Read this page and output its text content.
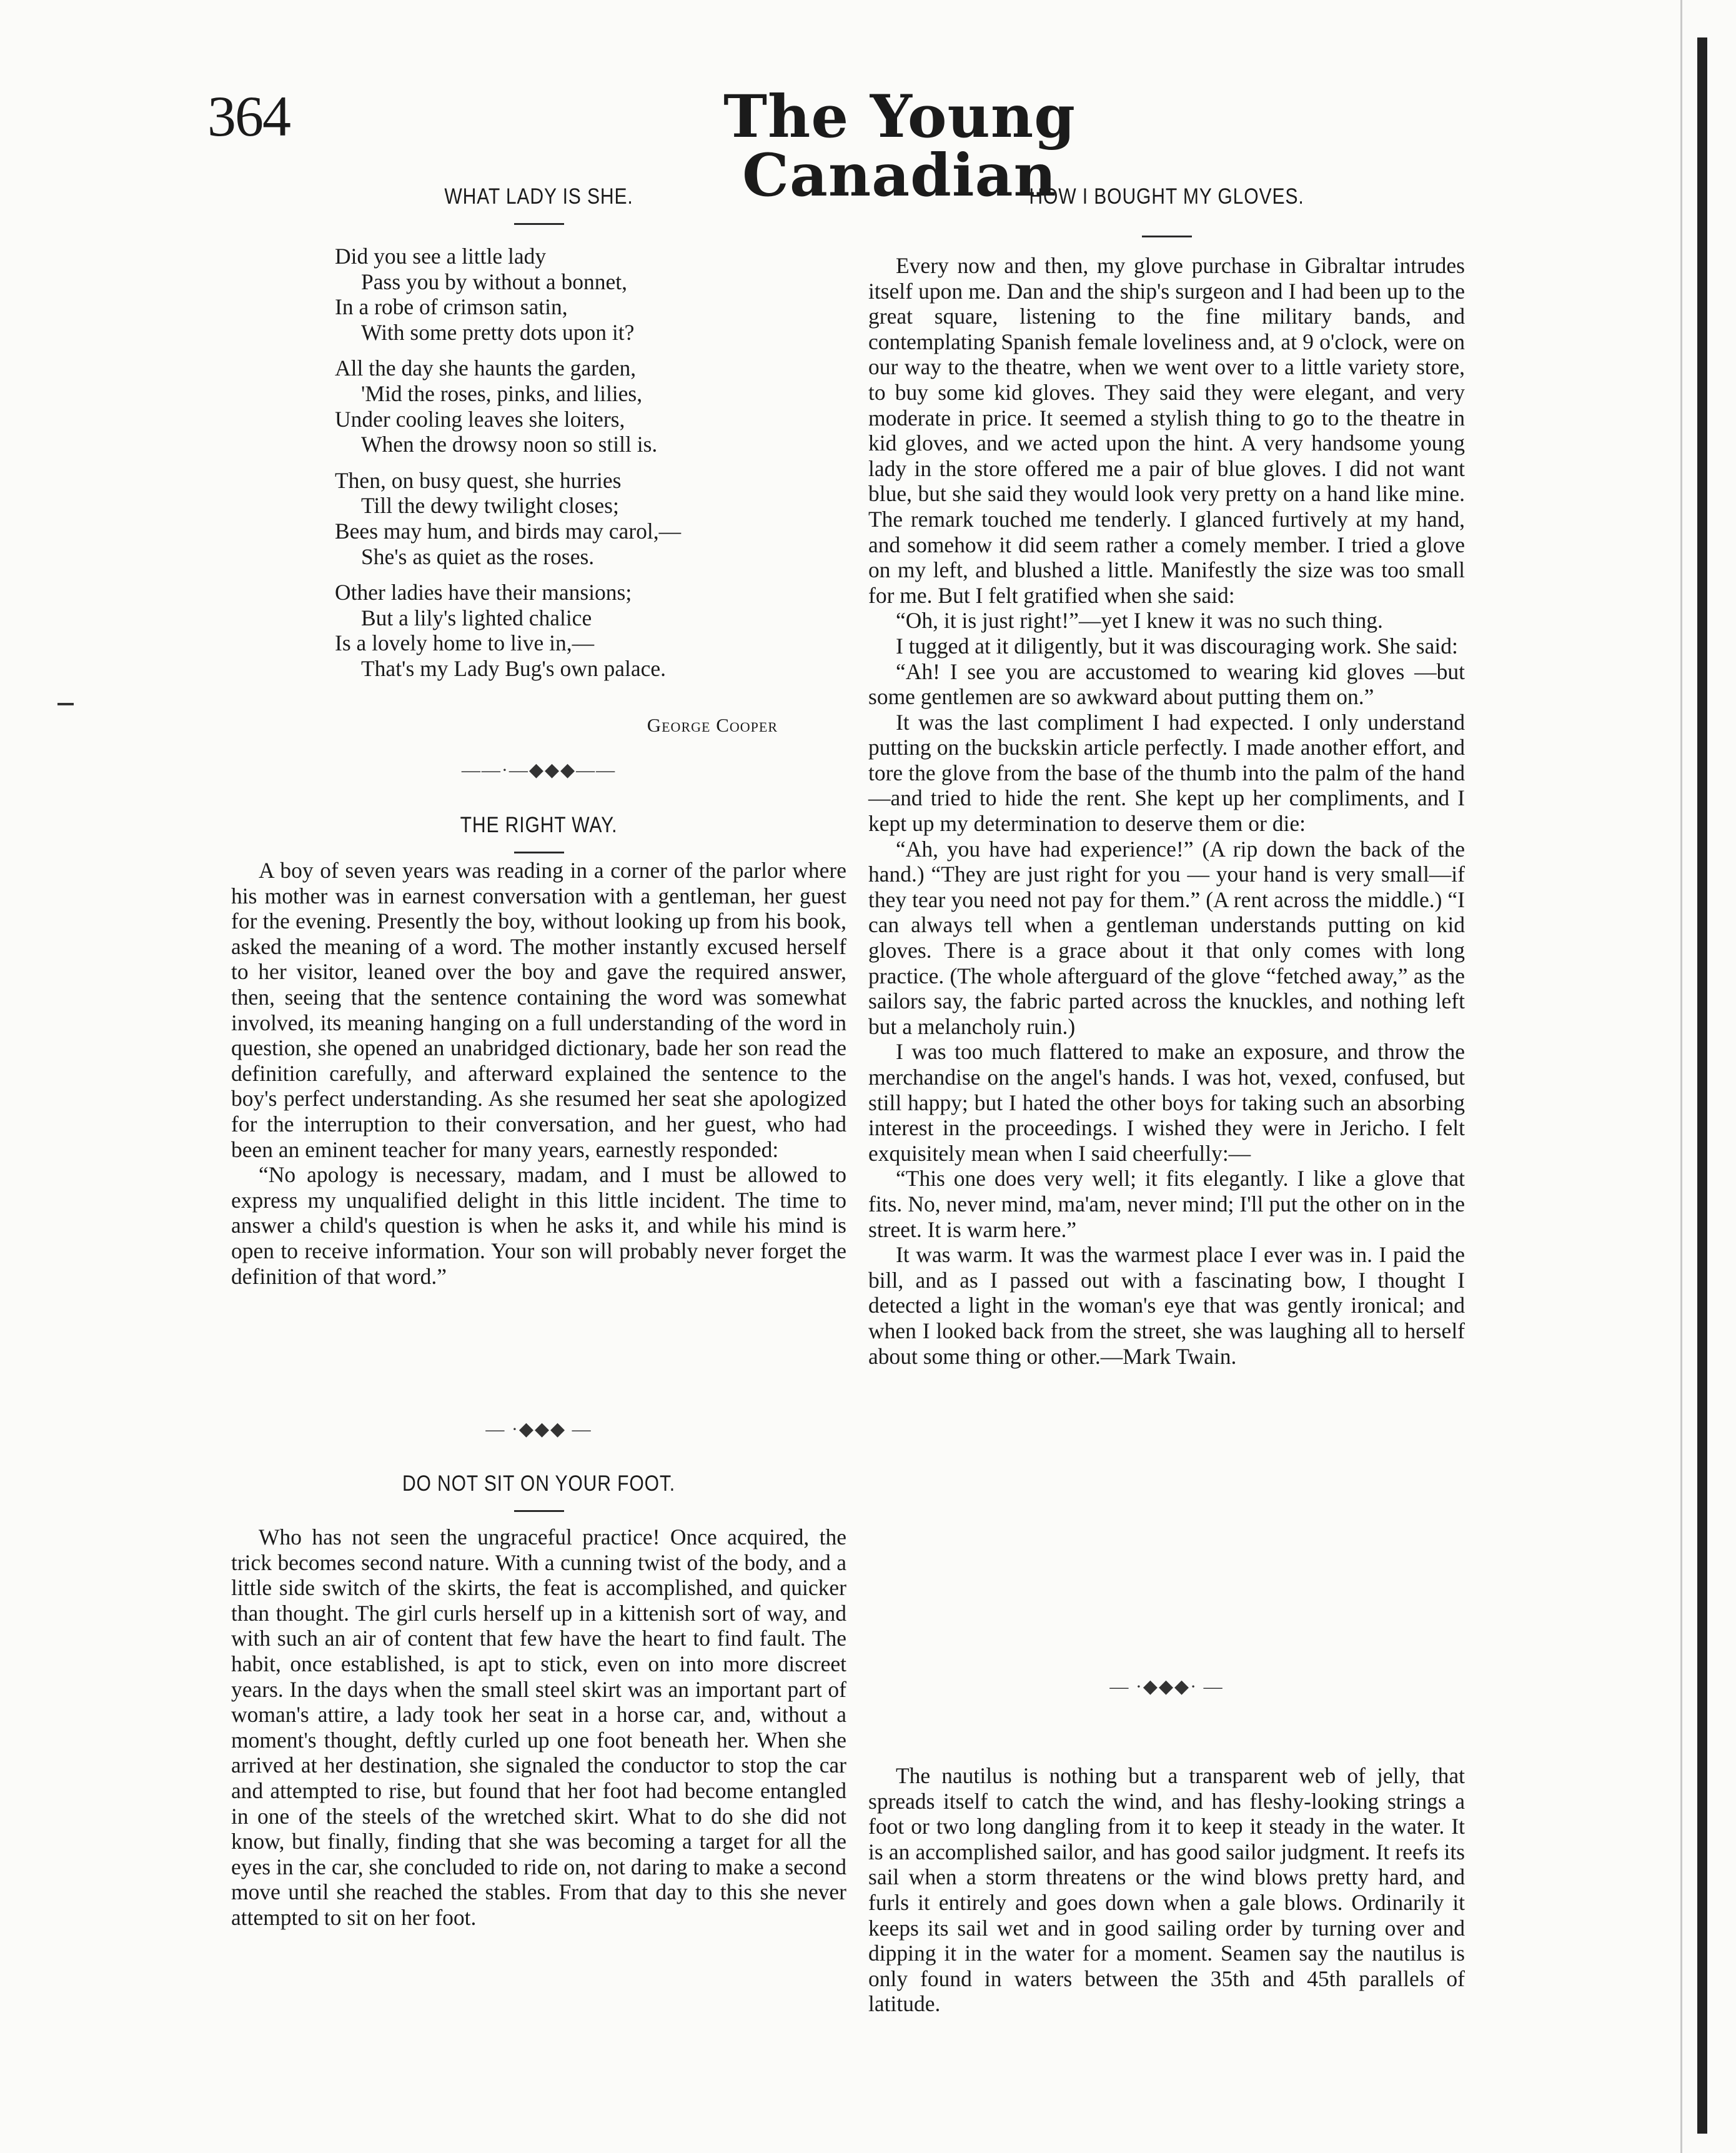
364	The Young Canadian
WHAT LADY IS SHE.
Did you see a little lady
Pass you by without a bonnet,
In a robe of crimson satin,
With some pretty dots upon it?
All the day she haunts the garden,
'Mid the roses, pinks, and lilies,
Under cooling leaves she loiters,
When the drowsy noon so still is.
Then, on busy quest, she hurries
Till the dewy twilight closes;
Bees may hum, and birds may carol,—
She's as quiet as the roses.
Other ladies have their mansions;
But a lily's lighted chalice
Is a lovely home to live in,—
That's my Lady Bug's own palace.
George Cooper
——·—◆◆◆——
THE RIGHT WAY.

A boy of seven years was reading in a corner of the parlor where his mother was in earnest conversation with a gentleman, her guest for the evening. Presently the boy, without looking up from his book, asked the meaning of a word. The mother instantly excused herself to her visitor, leaned over the boy and gave the required answer, then, seeing that the sentence containing the word was somewhat involved, its meaning hanging on a full understanding of the word in question, she opened an unabridged dictionary, bade her son read the definition carefully, and afterward explained the sentence to the boy's perfect understanding. As she resumed her seat she apologized for the interruption to their conversation, and her guest, who had been an eminent teacher for many years, earnestly responded:

“No apology is necessary, madam, and I must be allowed to express my unqualified delight in this little incident. The time to answer a child's question is when he asks it, and while his mind is open to receive information. Your son will probably never forget the definition of that word.”

— ·◆◆◆ —
DO NOT SIT ON YOUR FOOT.

Who has not seen the ungraceful practice! Once acquired, the trick becomes second nature. With a cunning twist of the body, and a little side switch of the skirts, the feat is accomplished, and quicker than thought. The girl curls herself up in a kittenish sort of way, and with such an air of content that few have the heart to find fault. The habit, once established, is apt to stick, even on into more discreet years. In the days when the small steel skirt was an important part of woman's attire, a lady took her seat in a horse car, and, without a moment's thought, deftly curled up one foot beneath her. When she arrived at her destination, she signaled the conductor to stop the car and attempted to rise, but found that her foot had become entangled in one of the steels of the wretched skirt. What to do she did not know, but finally, finding that she was becoming a target for all the eyes in the car, she concluded to ride on, not daring to make a second move until she reached the stables. From that day to this she never attempted to sit on her foot.

HOW I BOUGHT MY GLOVES.

Every now and then, my glove purchase in Gibraltar intrudes itself upon me. Dan and the ship's surgeon and I had been up to the great square, listening to the fine military bands, and contemplating Spanish female loveliness and, at 9 o'clock, were on our way to the theatre, when we went over to a little variety store, to buy some kid gloves. They said they were elegant, and very moderate in price. It seemed a stylish thing to go to the theatre in kid gloves, and we acted upon the hint. A very handsome young lady in the store offered me a pair of blue gloves. I did not want blue, but she said they would look very pretty on a hand like mine. The remark touched me tenderly. I glanced furtively at my hand, and somehow it did seem rather a comely member. I tried a glove on my left, and blushed a little. Manifestly the size was too small for me. But I felt gratified when she said:

“Oh, it is just right!”—yet I knew it was no such thing.

I tugged at it diligently, but it was discouraging work. She said:

“Ah! I see you are accustomed to wearing kid gloves —but some gentlemen are so awkward about putting them on.”

It was the last compliment I had expected. I only understand putting on the buckskin article perfectly. I made another effort, and tore the glove from the base of the thumb into the palm of the hand—and tried to hide the rent. She kept up her compliments, and I kept up my determination to deserve them or die:

“Ah, you have had experience!” (A rip down the back of the hand.) “They are just right for you — your hand is very small—if they tear you need not pay for them.” (A rent across the middle.) “I can always tell when a gentleman understands putting on kid gloves. There is a grace about it that only comes with long practice. (The whole afterguard of the glove “fetched away,” as the sailors say, the fabric parted across the knuckles, and nothing left but a melancholy ruin.)

I was too much flattered to make an exposure, and throw the merchandise on the angel's hands. I was hot, vexed, confused, but still happy; but I hated the other boys for taking such an absorbing interest in the proceedings. I wished they were in Jericho. I felt exquisitely mean when I said cheerfully:—

“This one does very well; it fits elegantly. I like a glove that fits. No, never mind, ma'am, never mind; I'll put the other on in the street. It is warm here.”

It was warm. It was the warmest place I ever was in. I paid the bill, and as I passed out with a fascinating bow, I thought I detected a light in the woman's eye that was gently ironical; and when I looked back from the street, she was laughing all to herself about some thing or other.—Mark Twain.

— ·◆◆◆· —

The nautilus is nothing but a transparent web of jelly, that spreads itself to catch the wind, and has fleshy-looking strings a foot or two long dangling from it to keep it steady in the water. It is an accomplished sailor, and has good sailor judgment. It reefs its sail when a storm threatens or the wind blows pretty hard, and furls it entirely and goes down when a gale blows. Ordinarily it keeps its sail wet and in good sailing order by turning over and dipping it in the water for a moment. Seamen say the nautilus is only found in waters between the 35th and 45th parallels of latitude.
